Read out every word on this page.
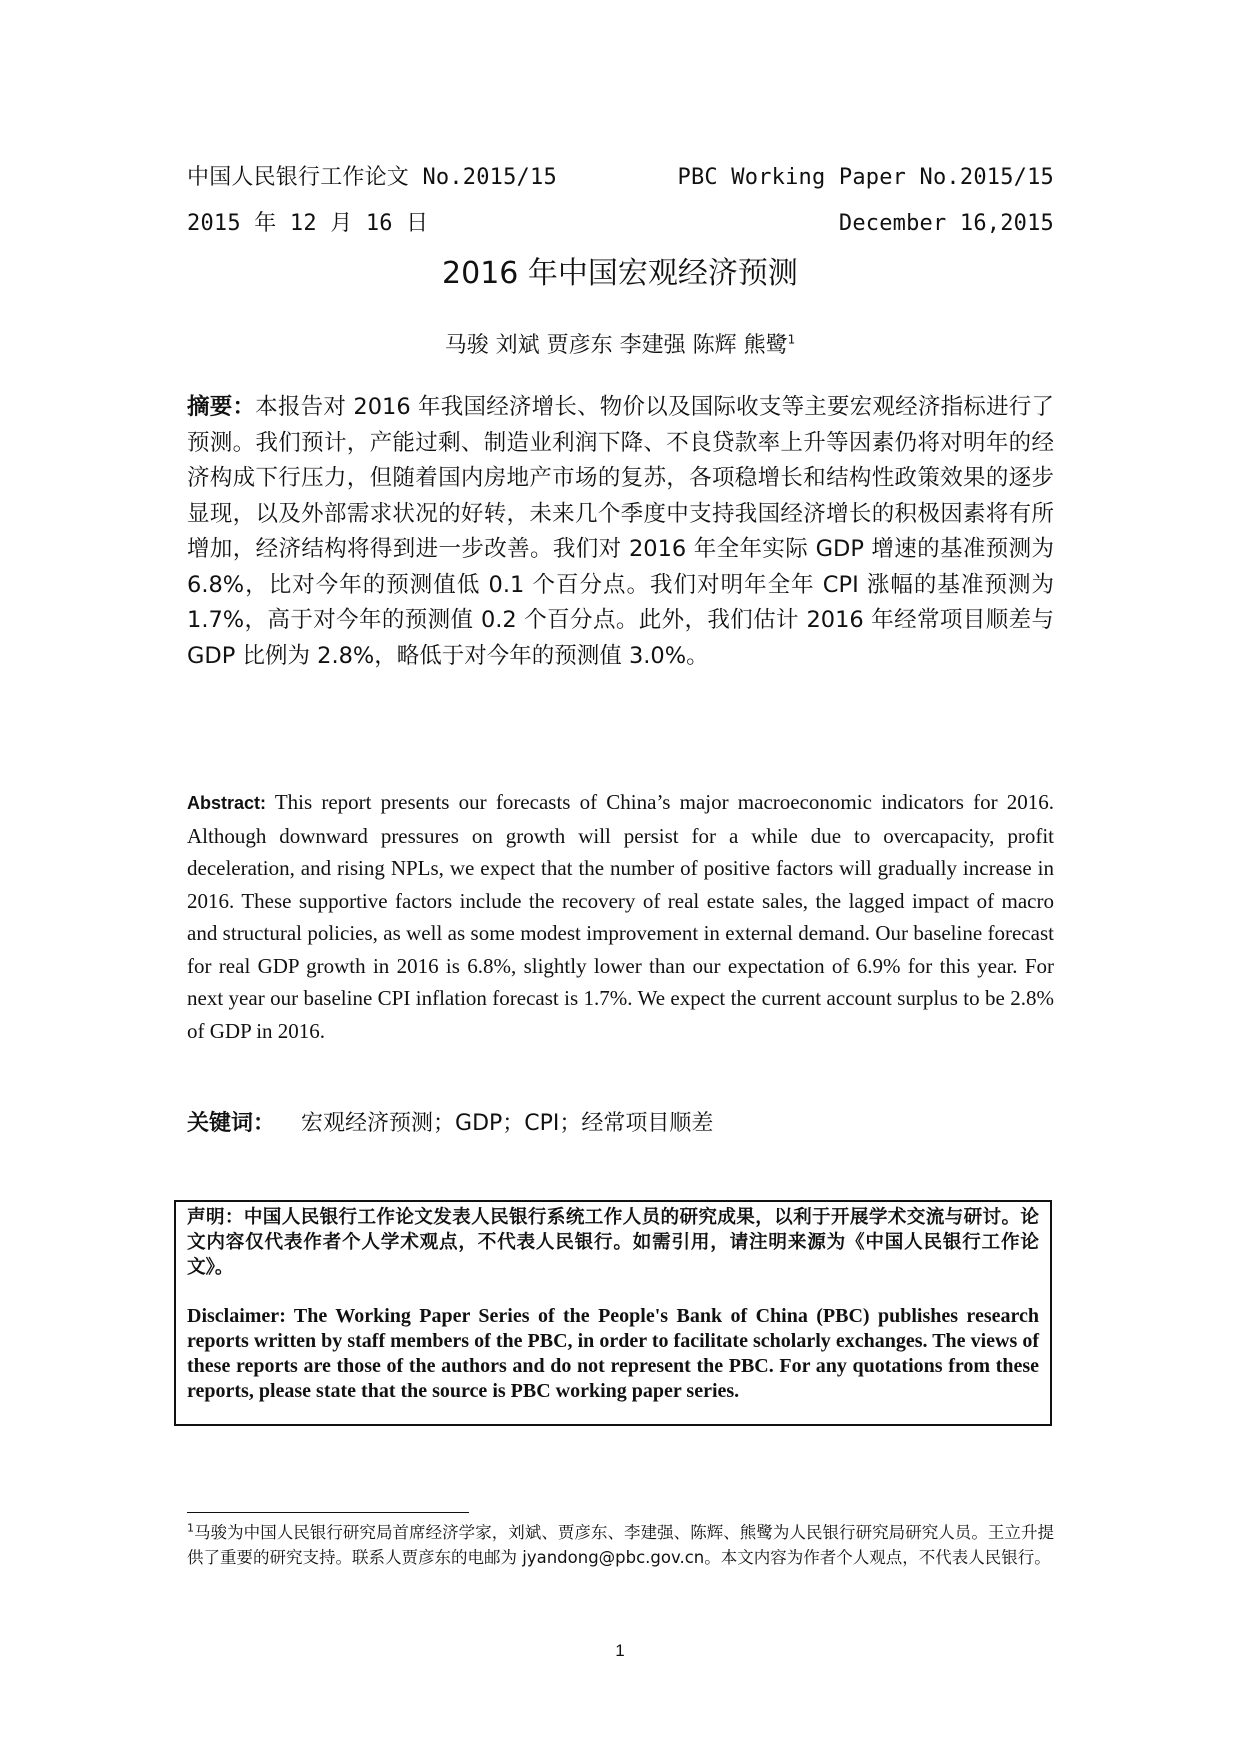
中国人民银行工作论文 No.2015/15	PBC Working Paper No.2015/15
2015 年 12 月 16 日	December 16,2015
2016 年中国宏观经济预测
马骏 刘斌 贾彦东 李建强 陈辉 熊鹭$^1$
摘要：本报告对 2016 年我国经济增长、物价以及国际收支等主要宏观经济指标进行了预测。我们预计，产能过剩、制造业利润下降、不良贷款率上升等因素仍将对明年的经济构成下行压力，但随着国内房地产市场的复苏，各项稳增长和结构性政策效果的逐步显现，以及外部需求状况的好转，未来几个季度中支持我国经济增长的积极因素将有所增加，经济结构将得到进一步改善。我们对 2016 年全年实际 GDP 增速的基准预测为 6.8%，比对今年的预测值低 0.1 个百分点。我们对明年全年 CPI 涨幅的基准预测为 1.7%，高于对今年的预测值 0.2 个百分点。此外，我们估计 2016 年经常项目顺差与 GDP 比例为 2.8%，略低于对今年的预测值 3.0%。
Abstract: This report presents our forecasts of China’s major macroeconomic indicators for 2016. Although downward pressures on growth will persist for a while due to overcapacity, profit deceleration, and rising NPLs, we expect that the number of positive factors will gradually increase in 2016. These supportive factors include the recovery of real estate sales, the lagged impact of macro and structural policies, as well as some modest improvement in external demand. Our baseline forecast for real GDP growth in 2016 is 6.8%, slightly lower than our expectation of 6.9% for this year. For next year our baseline CPI inflation forecast is 1.7%. We expect the current account surplus to be 2.8% of GDP in 2016.
关键词： 宏观经济预测；GDP；CPI；经常项目顺差
声明：中国人民银行工作论文发表人民银行系统工作人员的研究成果，以利于开展学术交流与研讨。论文内容仅代表作者个人学术观点，不代表人民银行。如需引用，请注明来源为《中国人民银行工作论文》。
Disclaimer: The Working Paper Series of the People's Bank of China (PBC) publishes research reports written by staff members of the PBC, in order to facilitate scholarly exchanges. The views of these reports are those of the authors and do not represent the PBC. For any quotations from these reports, please state that the source is PBC working paper series.
$^1$马骏为中国人民银行研究局首席经济学家，刘斌、贾彦东、李建强、陈辉、熊鹭为人民银行研究局研究人员。王立升提供了重要的研究支持。联系人贾彦东的电邮为 jyandong@pbc.gov.cn。本文内容为作者个人观点，不代表人民银行。
1
